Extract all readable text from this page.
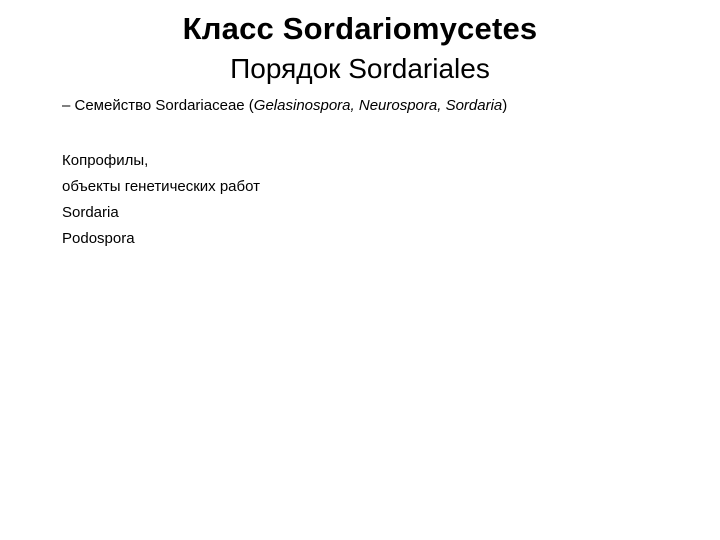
Класс Sordariomycetes
Порядок Sordariales
– Семейство Sordariaceae (Gelasinospora, Neurospora, Sordaria)
Копрофилы,
объекты генетических работ
Sordaria
Podospora
